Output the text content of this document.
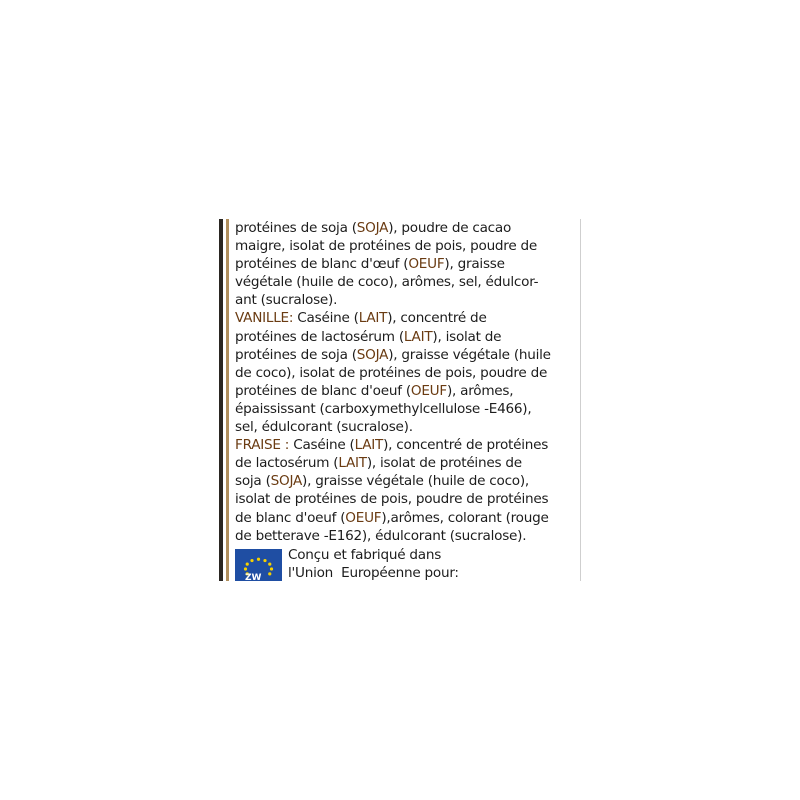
protéines de soja (SOJA), poudre de cacao
maigre, isolat de protéines de pois, poudre de
protéines de blanc d'œuf (OEUF), graisse
végétale (huile de coco), arômes, sel, édulcor-
ant (sucralose).
VANILLE: Caséine (LAIT), concentré de
protéines de lactosérum (LAIT), isolat de
protéines de soja (SOJA), graisse végétale (huile
de coco), isolat de protéines de pois, poudre de
protéines de blanc d'oeuf (OEUF), arômes,
épaississant (carboxymethylcellulose -E466),
sel, édulcorant (sucralose).
FRAISE : Caséine (LAIT), concentré de protéines
de lactosérum (LAIT), isolat de protéines de
soja (SOJA), graisse végétale (huile de coco),
isolat de protéines de pois, poudre de protéines
de blanc d'oeuf (OEUF),arômes, colorant (rouge
de betterave -E162), édulcorant (sucralose).
ZW
Conçu et fabriqué dans
l'Union  Européenne pour:
